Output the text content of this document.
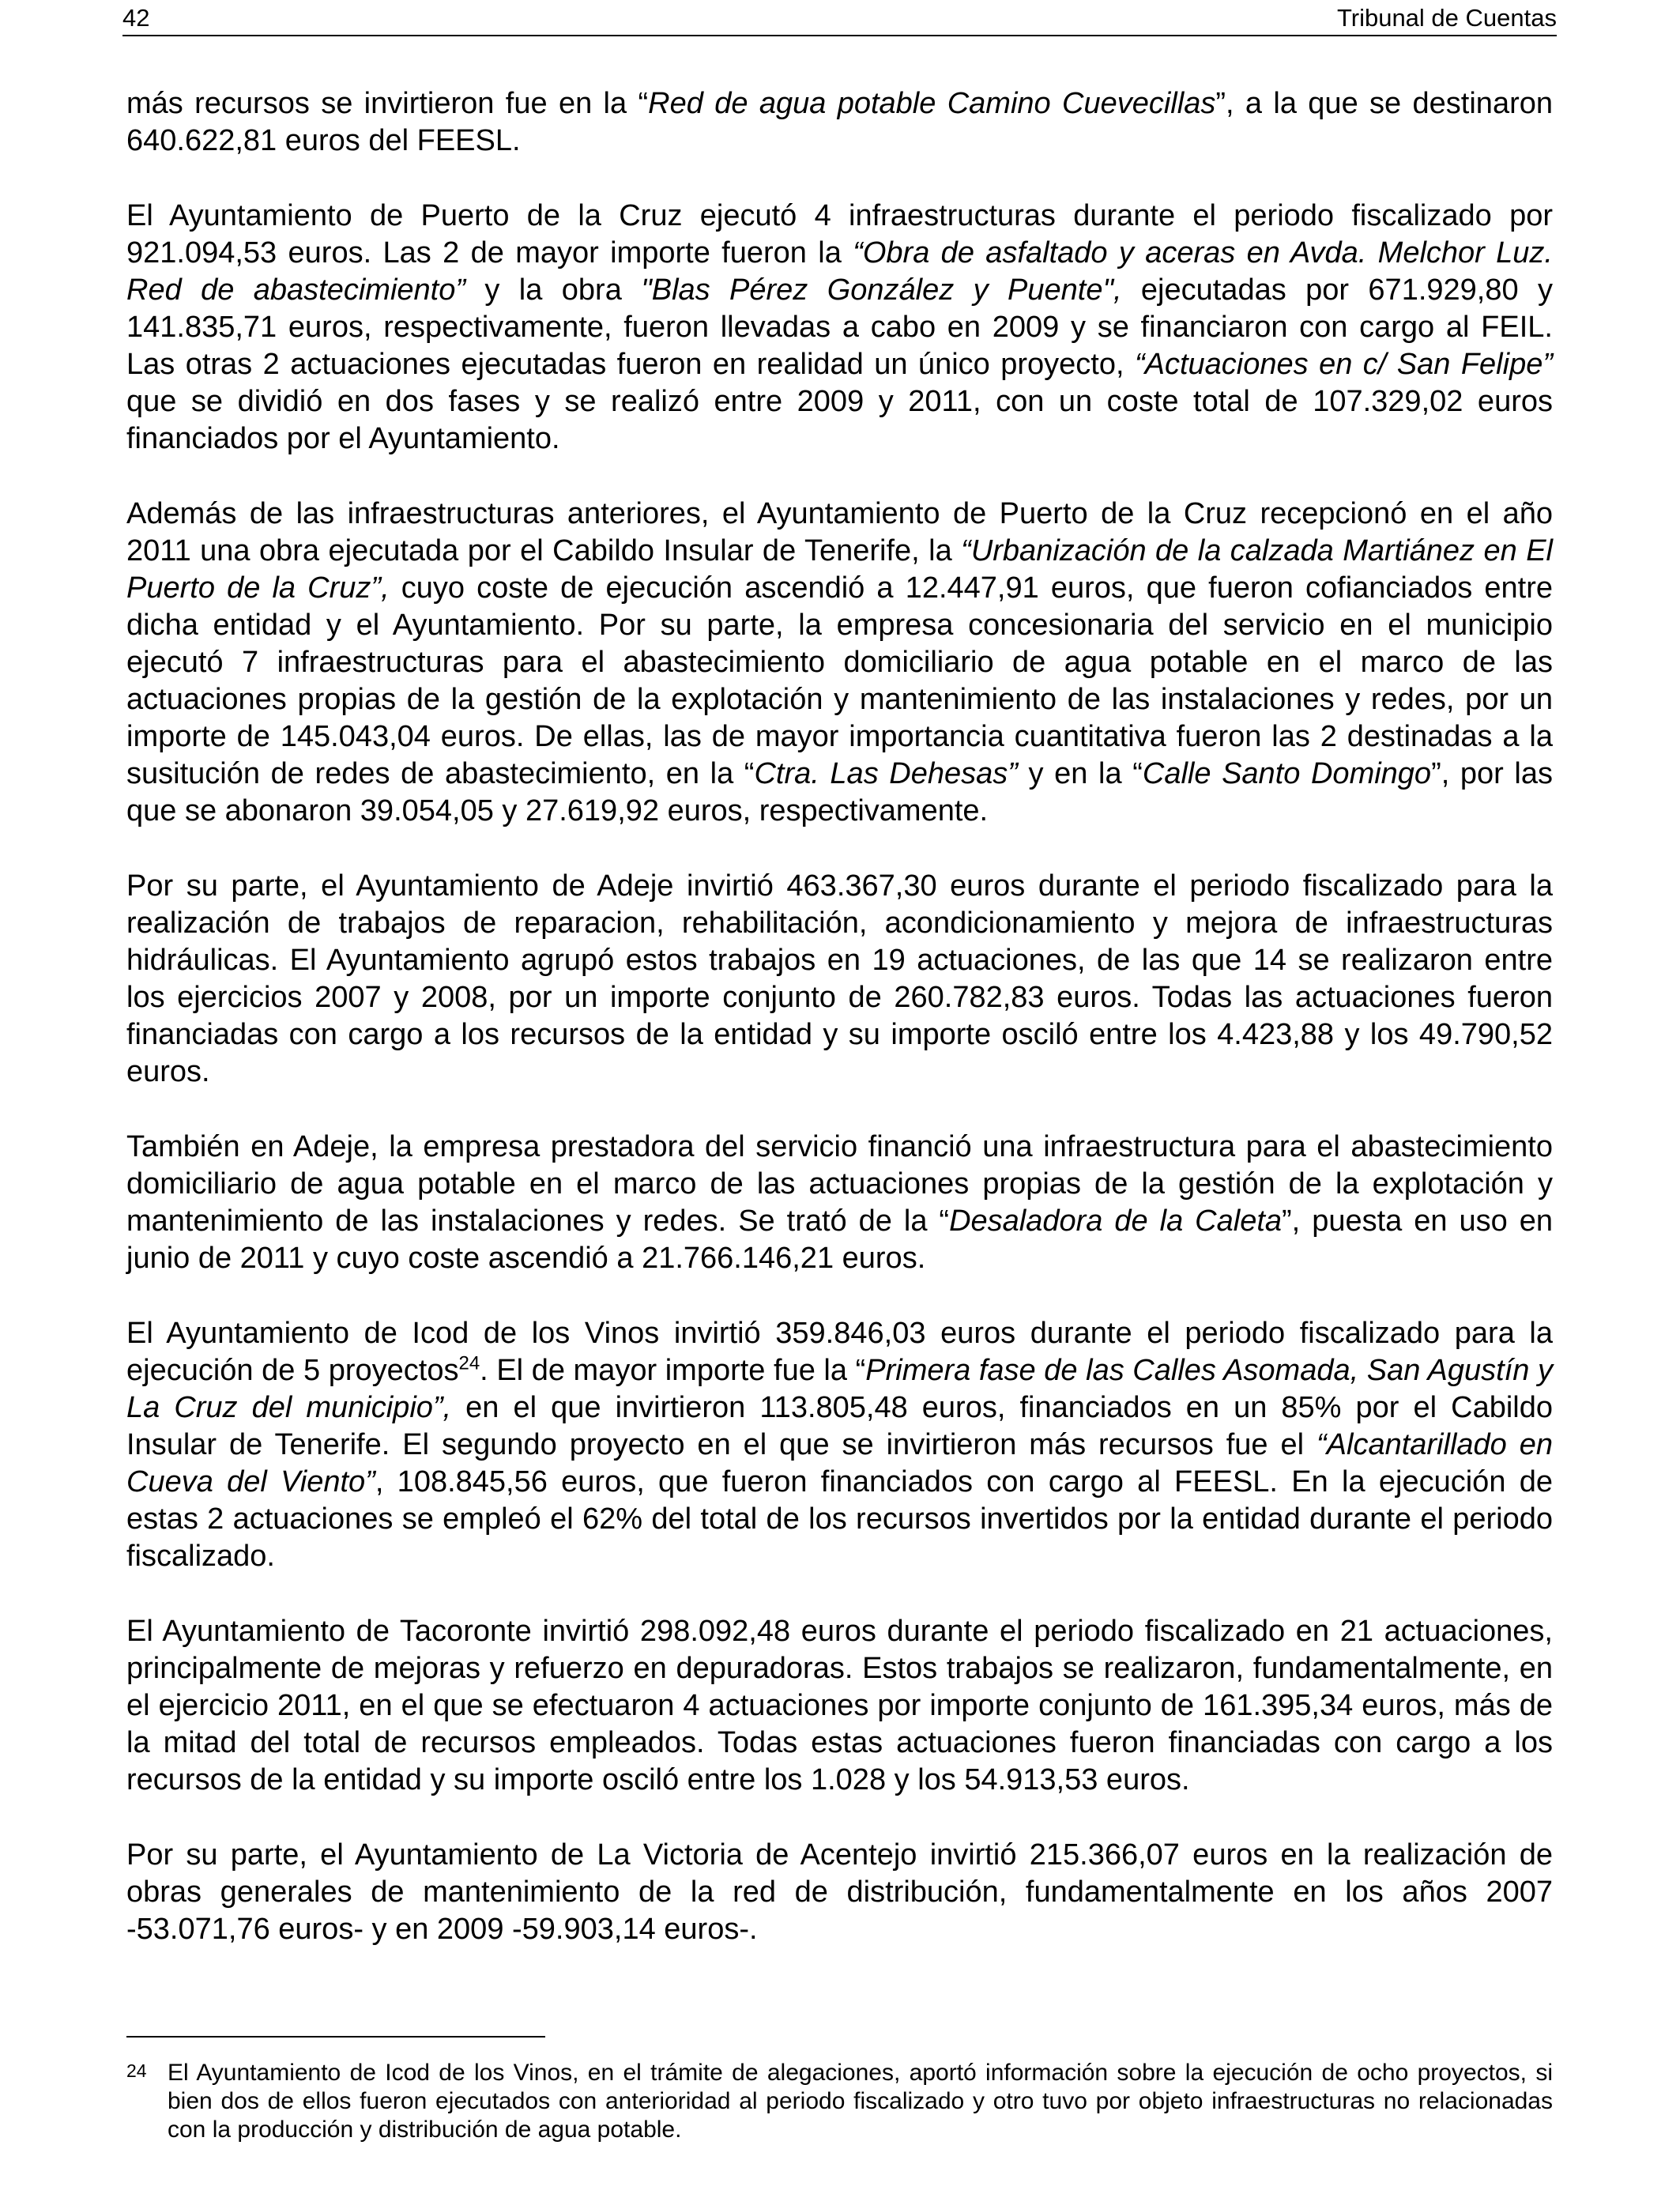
42	Tribunal de Cuentas

más recursos se invirtieron fue en la “Red de agua potable Camino Cuevecillas”, a la que se destinaron 640.622,81 euros del FEESL.

El Ayuntamiento de Puerto de la Cruz ejecutó 4 infraestructuras durante el periodo fiscalizado por 921.094,53 euros. Las 2 de mayor importe fueron la “Obra de asfaltado y aceras en Avda. Melchor Luz. Red de abastecimiento” y la obra "Blas Pérez González y Puente", ejecutadas por 671.929,80 y 141.835,71 euros, respectivamente, fueron llevadas a cabo en 2009 y se financiaron con cargo al FEIL. Las otras 2 actuaciones ejecutadas fueron en realidad un único proyecto, “Actuaciones en c/ San Felipe” que se dividió en dos fases y se realizó entre 2009 y 2011, con un coste total de 107.329,02 euros financiados por el Ayuntamiento.

Además de las infraestructuras anteriores, el Ayuntamiento de Puerto de la Cruz recepcionó en el año 2011 una obra ejecutada por el Cabildo Insular de Tenerife, la “Urbanización de la calzada Martiánez en El Puerto de la Cruz”, cuyo coste de ejecución ascendió a 12.447,91 euros, que fueron cofianciados entre dicha entidad y el Ayuntamiento. Por su parte, la empresa concesionaria del servicio en el municipio ejecutó 7 infraestructuras para el abastecimiento domiciliario de agua potable en el marco de las actuaciones propias de la gestión de la explotación y mantenimiento de las instalaciones y redes, por un importe de 145.043,04 euros. De ellas, las de mayor importancia cuantitativa fueron las 2 destinadas a la susitución de redes de abastecimiento, en la “Ctra. Las Dehesas” y en la “Calle Santo Domingo”, por las que se abonaron 39.054,05 y 27.619,92 euros, respectivamente.

Por su parte, el Ayuntamiento de Adeje invirtió 463.367,30 euros durante el periodo fiscalizado para la realización de trabajos de reparacion, rehabilitación, acondicionamiento y mejora de infraestructuras hidráulicas. El Ayuntamiento agrupó estos trabajos en 19 actuaciones, de las que 14 se realizaron entre los ejercicios 2007 y 2008, por un importe conjunto de 260.782,83 euros. Todas las actuaciones fueron financiadas con cargo a los recursos de la entidad y su importe osciló entre los 4.423,88 y los 49.790,52 euros.

También en Adeje, la empresa prestadora del servicio financió una infraestructura para el abastecimiento domiciliario de agua potable en el marco de las actuaciones propias de la gestión de la explotación y mantenimiento de las instalaciones y redes. Se trató de la “Desaladora de la Caleta”, puesta en uso en junio de 2011 y cuyo coste ascendió a 21.766.146,21 euros.

El Ayuntamiento de Icod de los Vinos invirtió 359.846,03 euros durante el periodo fiscalizado para la ejecución de 5 proyectos$^{24}$. El de mayor importe fue la “Primera fase de las Calles Asomada, San Agustín y La Cruz del municipio”, en el que invirtieron 113.805,48 euros, financiados en un 85% por el Cabildo Insular de Tenerife. El segundo proyecto en el que se invirtieron más recursos fue el “Alcantarillado en Cueva del Viento”, 108.845,56 euros, que fueron financiados con cargo al FEESL. En la ejecución de estas 2 actuaciones se empleó el 62% del total de los recursos invertidos por la entidad durante el periodo fiscalizado.

El Ayuntamiento de Tacoronte invirtió 298.092,48 euros durante el periodo fiscalizado en 21 actuaciones, principalmente de mejoras y refuerzo en depuradoras. Estos trabajos se realizaron, fundamentalmente, en el ejercicio 2011, en el que se efectuaron 4 actuaciones por importe conjunto de 161.395,34 euros, más de la mitad del total de recursos empleados. Todas estas actuaciones fueron financiadas con cargo a los recursos de la entidad y su importe osciló entre los 1.028 y los 54.913,53 euros.

Por su parte, el Ayuntamiento de La Victoria de Acentejo invirtió 215.366,07 euros en la realización de obras generales de mantenimiento de la red de distribución, fundamentalmente en los años 2007 -53.071,76 euros- y en 2009 -59.903,14 euros-.

24 El Ayuntamiento de Icod de los Vinos, en el trámite de alegaciones, aportó información sobre la ejecución de ocho proyectos, si bien dos de ellos fueron ejecutados con anterioridad al periodo fiscalizado y otro tuvo por objeto infraestructuras no relacionadas con la producción y distribución de agua potable.
